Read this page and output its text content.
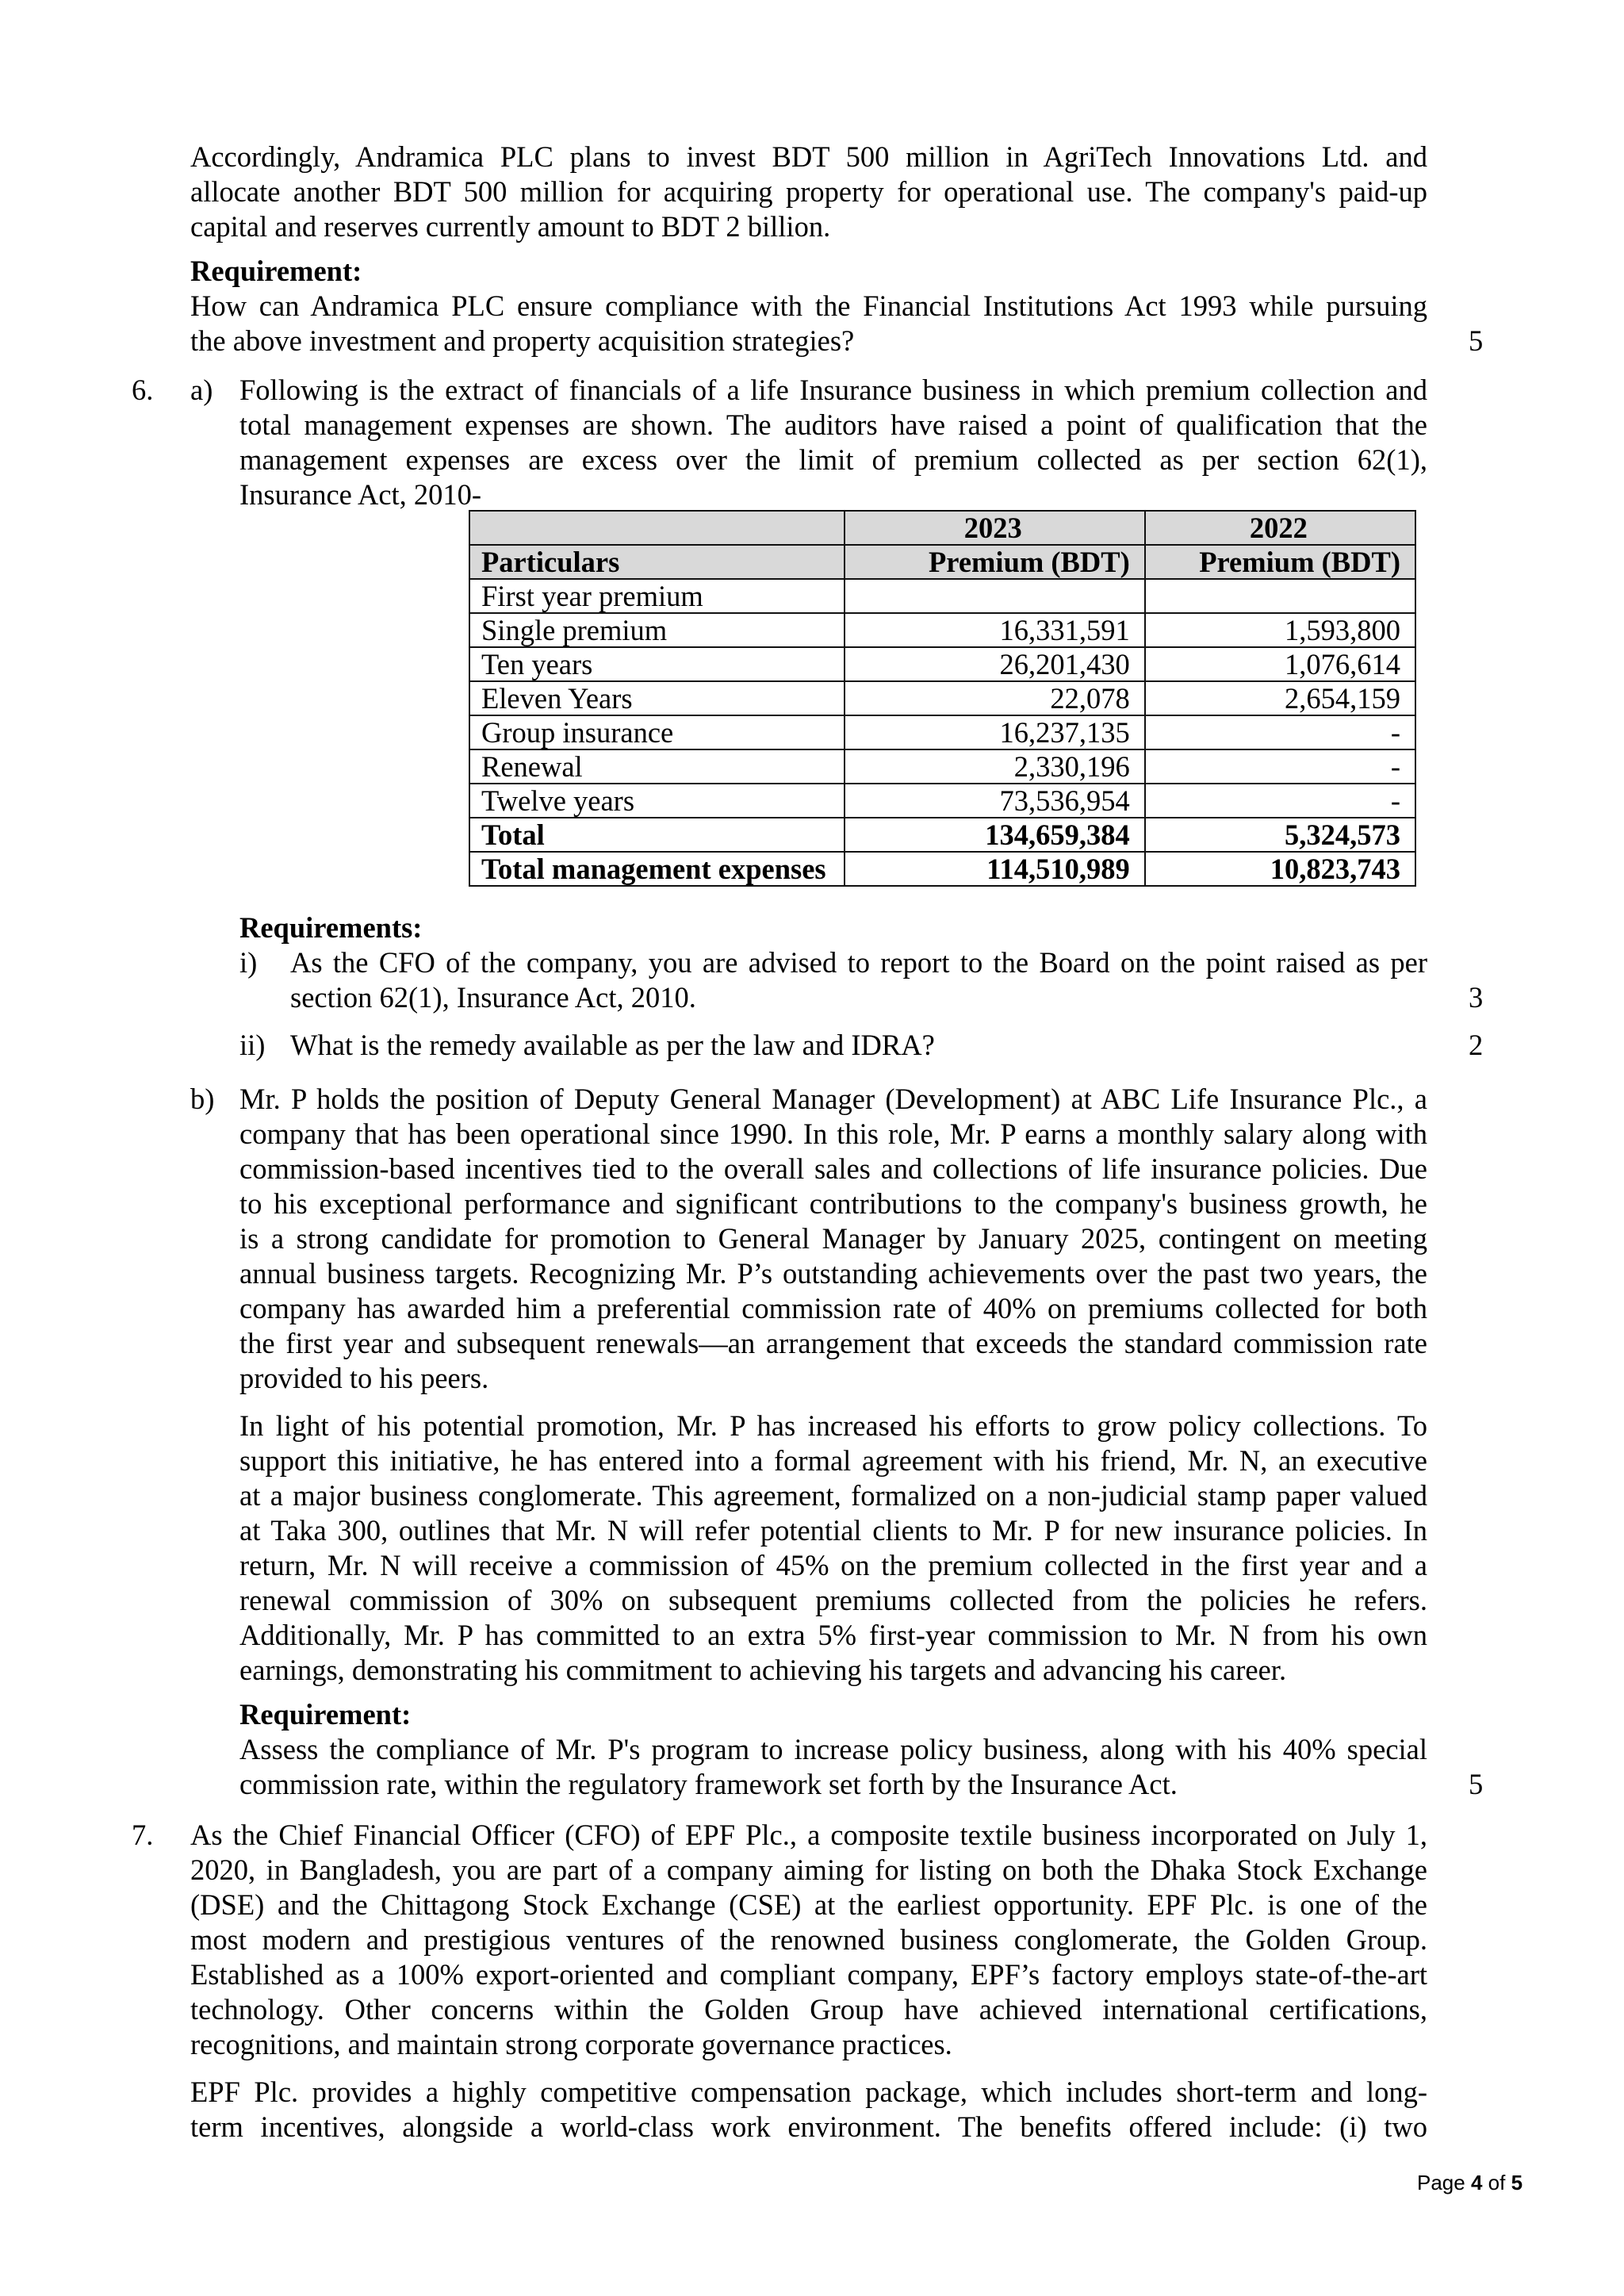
Accordingly, Andramica PLC plans to invest BDT 500 million in AgriTech Innovations Ltd. and
allocate another BDT 500 million for acquiring property for operational use. The company's paid-up
capital and reserves currently amount to BDT 2 billion.
Requirement:
How can Andramica PLC ensure compliance with the Financial Institutions Act 1993 while pursuing
the above investment and property acquisition strategies?	5
6. a) Following is the extract of financials of a life Insurance business in which premium collection and
total management expenses are shown. The auditors have raised a point of qualification that the
management expenses are excess over the limit of premium collected as per section 62(1),
Insurance Act, 2010-
	2023	2022
Particulars	Premium (BDT)	Premium (BDT)
First year premium		
Single premium	16,331,591	1,593,800
Ten years	26,201,430	1,076,614
Eleven Years	22,078	2,654,159
Group insurance	16,237,135	-
Renewal	2,330,196	-
Twelve years	73,536,954	-
Total	134,659,384	5,324,573
Total management expenses	114,510,989	10,823,743
Requirements:
i) As the CFO of the company, you are advised to report to the Board on the point raised as per
section 62(1), Insurance Act, 2010.	3
ii) What is the remedy available as per the law and IDRA?	2
b) Mr. P holds the position of Deputy General Manager (Development) at ABC Life Insurance Plc., a
company that has been operational since 1990. In this role, Mr. P earns a monthly salary along with
commission-based incentives tied to the overall sales and collections of life insurance policies. Due
to his exceptional performance and significant contributions to the company's business growth, he
is a strong candidate for promotion to General Manager by January 2025, contingent on meeting
annual business targets. Recognizing Mr. P’s outstanding achievements over the past two years, the
company has awarded him a preferential commission rate of 40% on premiums collected for both
the first year and subsequent renewals—an arrangement that exceeds the standard commission rate
provided to his peers.
In light of his potential promotion, Mr. P has increased his efforts to grow policy collections. To
support this initiative, he has entered into a formal agreement with his friend, Mr. N, an executive
at a major business conglomerate. This agreement, formalized on a non-judicial stamp paper valued
at Taka 300, outlines that Mr. N will refer potential clients to Mr. P for new insurance policies. In
return, Mr. N will receive a commission of 45% on the premium collected in the first year and a
renewal commission of 30% on subsequent premiums collected from the policies he refers.
Additionally, Mr. P has committed to an extra 5% first-year commission to Mr. N from his own
earnings, demonstrating his commitment to achieving his targets and advancing his career.
Requirement:
Assess the compliance of Mr. P's program to increase policy business, along with his 40% special
commission rate, within the regulatory framework set forth by the Insurance Act.	5
7. As the Chief Financial Officer (CFO) of EPF Plc., a composite textile business incorporated on July 1,
2020, in Bangladesh, you are part of a company aiming for listing on both the Dhaka Stock Exchange
(DSE) and the Chittagong Stock Exchange (CSE) at the earliest opportunity. EPF Plc. is one of the
most modern and prestigious ventures of the renowned business conglomerate, the Golden Group.
Established as a 100% export-oriented and compliant company, EPF’s factory employs state-of-the-art
technology. Other concerns within the Golden Group have achieved international certifications,
recognitions, and maintain strong corporate governance practices.
EPF Plc. provides a highly competitive compensation package, which includes short-term and long-
term incentives, alongside a world-class work environment. The benefits offered include: (i) two
Page 4 of 5
